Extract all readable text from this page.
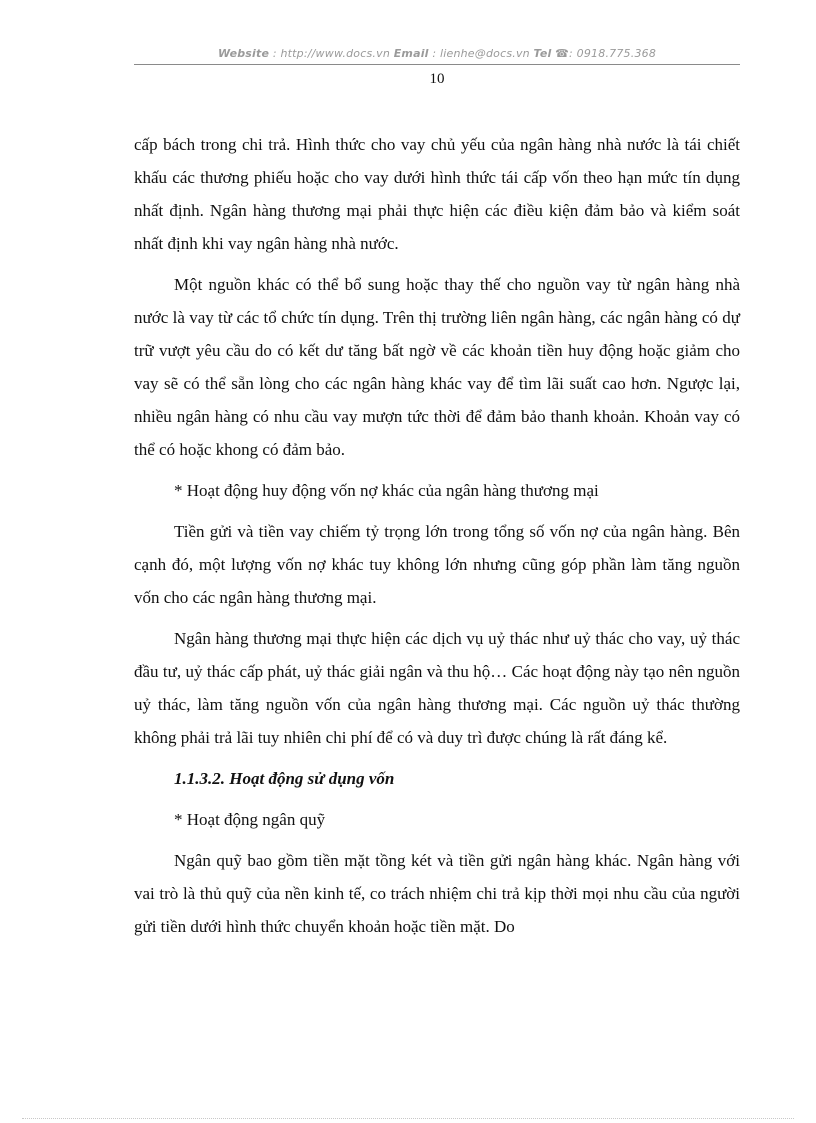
Website : http://www.docs.vn Email : lienhe@docs.vn Tel ☎: 0918.775.368
10

cấp bách trong chi trả. Hình thức cho vay chủ yếu của ngân hàng nhà nước là tái chiết khấu các thương phiếu hoặc cho vay dưới hình thức tái cấp vốn theo hạn mức tín dụng nhất định. Ngân hàng thương mại phải thực hiện các điều kiện đảm bảo và kiểm soát nhất định khi vay ngân hàng nhà nước.

Một nguồn khác có thể bổ sung hoặc thay thế cho nguồn vay từ ngân hàng nhà nước là vay từ các tổ chức tín dụng. Trên thị trường liên ngân hàng, các ngân hàng có dự trữ vượt yêu cầu do có kết dư tăng bất ngờ về các khoản tiền huy động hoặc giảm cho vay sẽ có thể sẵn lòng cho các ngân hàng khác vay để tìm lãi suất cao hơn. Ngược lại, nhiều ngân hàng có nhu cầu vay mượn tức thời để đảm bảo thanh khoản. Khoản vay có thể có hoặc khong có đảm bảo.

* Hoạt động huy động vốn nợ khác của ngân hàng thương mại

Tiền gửi và tiền vay chiếm tỷ trọng lớn trong tổng số vốn nợ của ngân hàng. Bên cạnh đó, một lượng vốn nợ khác tuy không lớn nhưng cũng góp phần làm tăng nguồn vốn cho các ngân hàng thương mại.

Ngân hàng thương mại thực hiện các dịch vụ uỷ thác như uỷ thác cho vay, uỷ thác đầu tư, uỷ thác cấp phát, uỷ thác giải ngân và thu hộ… Các hoạt động này tạo nên nguồn uỷ thác, làm tăng nguồn vốn của ngân hàng thương mại. Các nguồn uỷ thác thường không phải trả lãi tuy nhiên chi phí để có và duy trì được chúng là rất đáng kể.

1.1.3.2. Hoạt động sử dụng vốn

* Hoạt động ngân quỹ

Ngân quỹ bao gồm tiền mặt tồng két và tiền gửi ngân hàng khác. Ngân hàng với vai trò là thủ quỹ của nền kinh tế, co trách nhiệm chi trả kịp thời mọi nhu cầu của người gửi tiền dưới hình thức chuyển khoản hoặc tiền mặt. Do
